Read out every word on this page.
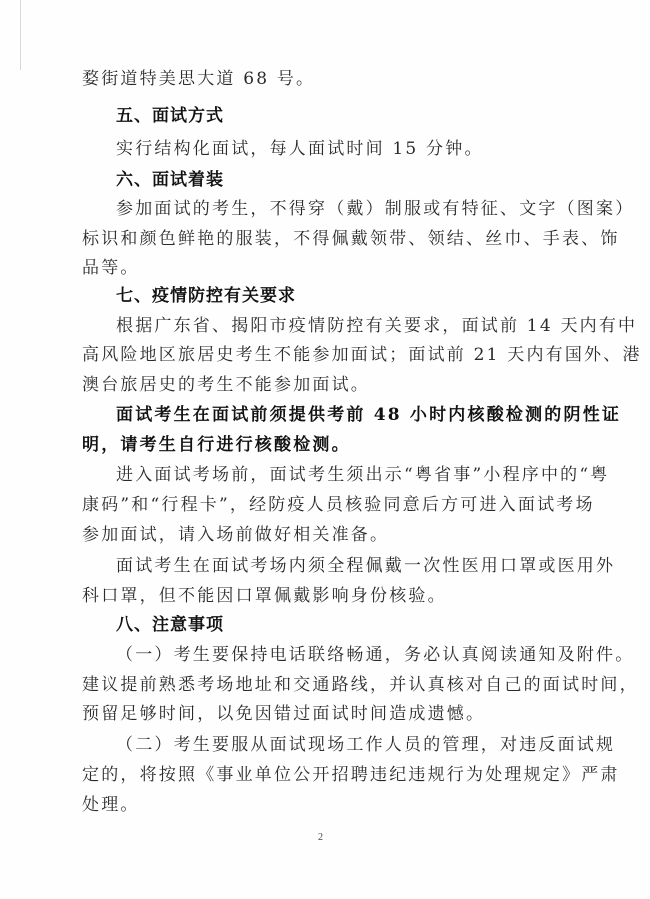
婺街道特美思大道 68 号。
五、面试方式
实行结构化面试，每人面试时间 15 分钟。
六、面试着装
参加面试的考生，不得穿（戴）制服或有特征、文字（图案）
标识和颜色鲜艳的服装，不得佩戴领带、领结、丝巾、手表、饰
品等。
七、疫情防控有关要求
根据广东省、揭阳市疫情防控有关要求，面试前 14 天内有中
高风险地区旅居史考生不能参加面试；面试前 21 天内有国外、港
澳台旅居史的考生不能参加面试。
面试考生在面试前须提供考前 48 小时内核酸检测的阴性证
明，请考生自行进行核酸检测。
进入面试考场前，面试考生须出示“粤省事”小程序中的“粤
康码”和“行程卡”，经防疫人员核验同意后方可进入面试考场
参加面试，请入场前做好相关准备。
面试考生在面试考场内须全程佩戴一次性医用口罩或医用外
科口罩，但不能因口罩佩戴影响身份核验。
八、注意事项
（一）考生要保持电话联络畅通，务必认真阅读通知及附件。
建议提前熟悉考场地址和交通路线，并认真核对自己的面试时间，
预留足够时间，以免因错过面试时间造成遗憾。
（二）考生要服从面试现场工作人员的管理，对违反面试规
定的，将按照《事业单位公开招聘违纪违规行为处理规定》严肃
处理。
2
